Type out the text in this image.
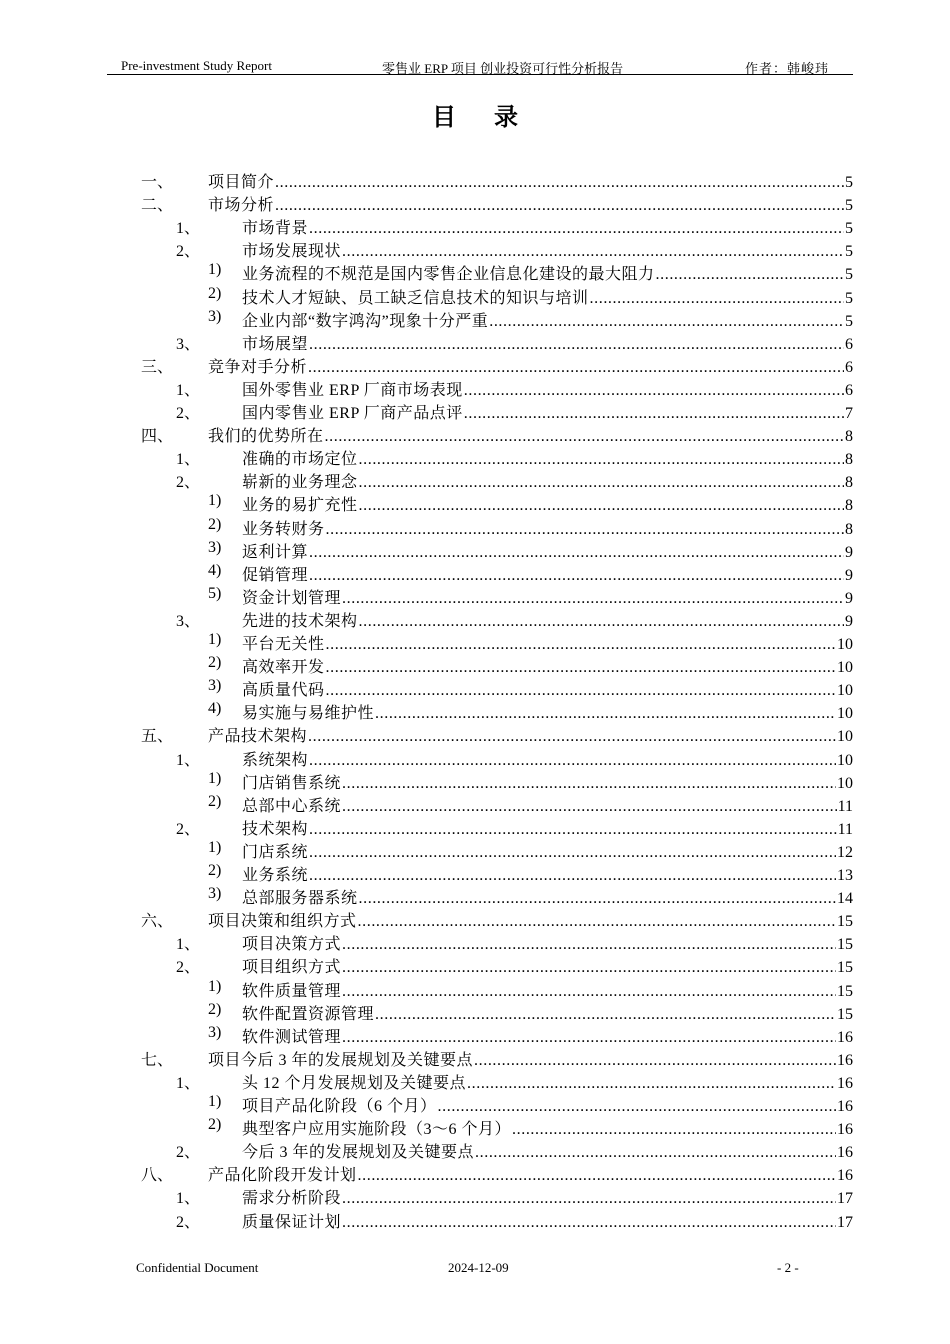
Pre-investment Study Report	零售业 ERP 项目 创业投资可行性分析报告	作者：韩峻玮
目 录
一、 项目简介 .....	5
二、 市场分析 .....	5
1、	市场背景 .....	5
2、	市场发展现状 .....	5
1) 业务流程的不规范是国内零售企业信息化建设的最大阻力 .....	5
2) 技术人才短缺、员工缺乏信息技术的知识与培训 .....	5
3) 企业内部“数字鸿沟”现象十分严重 .....	5
3、	市场展望 .....	6
三、 竞争对手分析 .....	6
1、	国外零售业 ERP 厂商市场表现 .....	6
2、	国内零售业 ERP 厂商产品点评 .....	7
四、 我们的优势所在 .....	8
1、	准确的市场定位 .....	8
2、	崭新的业务理念 .....	8
1) 业务的易扩充性 .....	8
2) 业务转财务 .....	8
3) 返利计算 .....	9
4) 促销管理 .....	9
5) 资金计划管理 .....	9
3、	先进的技术架构 .....	9
1) 平台无关性 .....	10
2) 高效率开发 .....	10
3) 高质量代码 .....	10
4) 易实施与易维护性 .....	10
五、 产品技术架构 .....	10
1、	系统架构 .....	10
1) 门店销售系统 .....	10
2) 总部中心系统 .....	11
2、	技术架构 .....	11
1) 门店系统 .....	12
2) 业务系统 .....	13
3) 总部服务器系统 .....	14
六、 项目决策和组织方式 .....	15
1、	项目决策方式 .....	15
2、	项目组织方式 .....	15
1) 软件质量管理 .....	15
2) 软件配置资源管理 .....	15
3) 软件测试管理 .....	16
七、 项目今后 3 年的发展规划及关键要点 .....	16
1、	头 12 个月发展规划及关键要点 .....	16
1) 项目产品化阶段（6 个月） .....	16
2) 典型客户应用实施阶段（3～6 个月） .....	16
2、	今后 3 年的发展规划及关键要点 .....	16
八、 产品化阶段开发计划 .....	16
1、	需求分析阶段 .....	17
2、	质量保证计划 .....	17
Confidential Document	2024-12-09	- 2 -
